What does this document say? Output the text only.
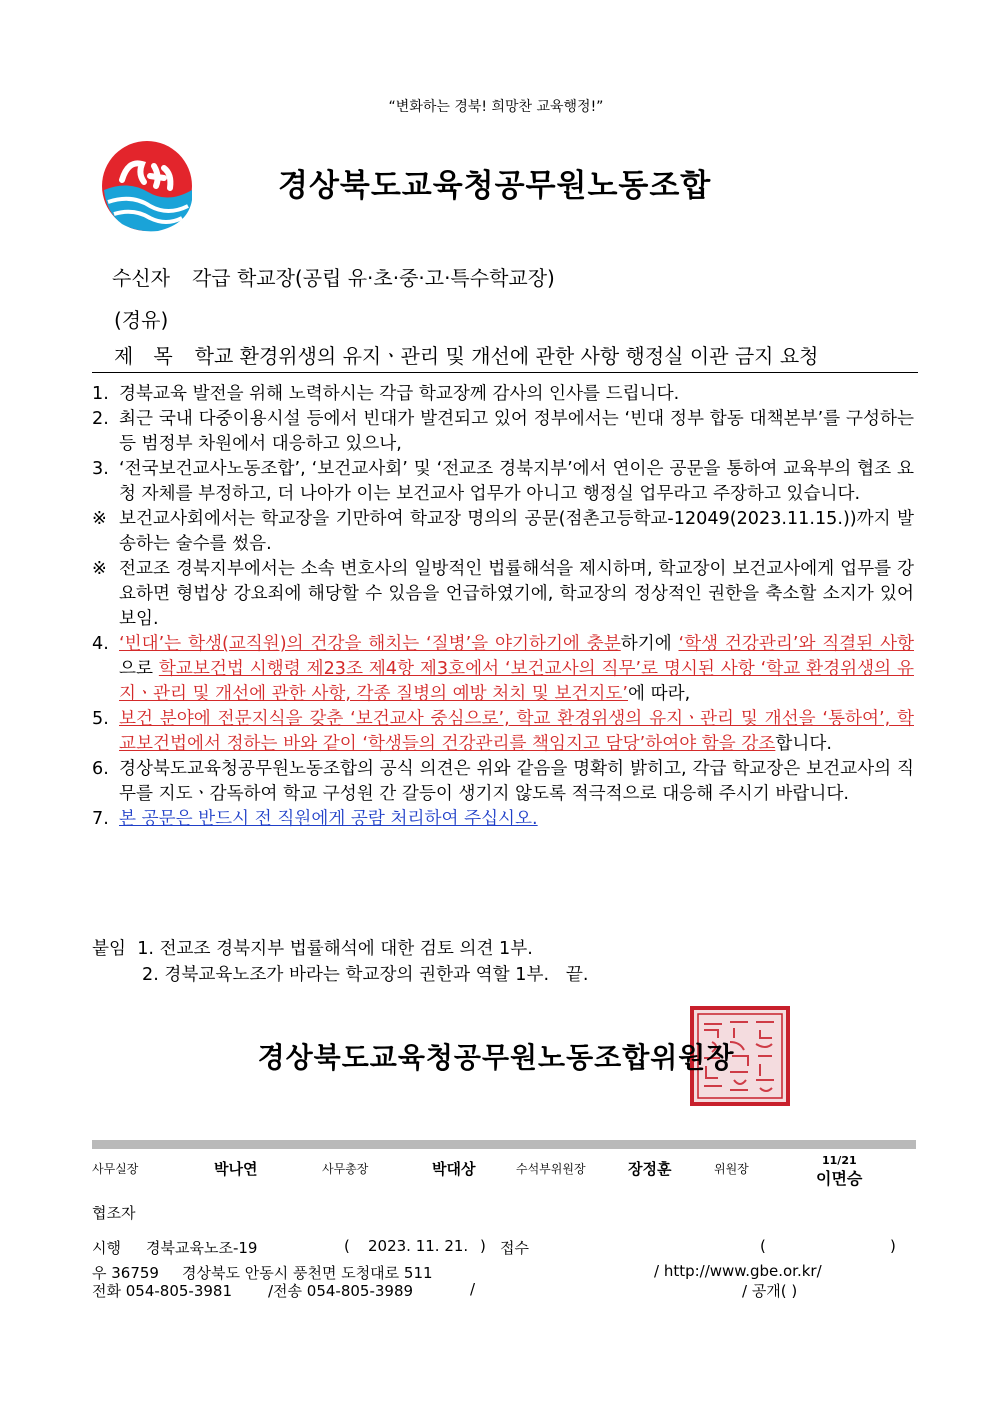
“변화하는 경북! 희망찬 교육행정!”
경상북도교육청공무원노동조합
수신자 각급 학교장(공립 유·초·중·고·특수학교장)
(경유)
제　목 학교 환경위생의 유지ㆍ관리 및 개선에 관한 사항 행정실 이관 금지 요청
1. 경북교육 발전을 위해 노력하시는 각급 학교장께 감사의 인사를 드립니다.
2. 최근 국내 다중이용시설 등에서 빈대가 발견되고 있어 정부에서는 ‘빈대 정부 합동 대책본부’를 구성하는 등 범정부 차원에서 대응하고 있으나,
3. ‘전국보건교사노동조합’, ‘보건교사회’ 및 ‘전교조 경북지부’에서 연이은 공문을 통하여 교육부의 협조 요청 자체를 부정하고, 더 나아가 이는 보건교사 업무가 아니고 행정실 업무라고 주장하고 있습니다.
※ 보건교사회에서는 학교장을 기만하여 학교장 명의의 공문(점촌고등학교-12049(2023.11.15.))까지 발송하는 술수를 썼음.
※ 전교조 경북지부에서는 소속 변호사의 일방적인 법률해석을 제시하며, 학교장이 보건교사에게 업무를 강요하면 형법상 강요죄에 해당할 수 있음을 언급하였기에, 학교장의 정상적인 권한을 축소할 소지가 있어 보임.
4. ‘빈대’는 학생(교직원)의 건강을 해치는 ‘질병’을 야기하기에 충분하기에 ‘학생 건강관리’와 직결된 사항으로 학교보건법 시행령 제23조 제4항 제3호에서 ‘보건교사의 직무’로 명시된 사항 ‘학교 환경위생의 유지ㆍ관리 및 개선에 관한 사항, 각종 질병의 예방 처치 및 보건지도’에 따라,
5. 보건 분야에 전문지식을 갖춘 ‘보건교사 중심으로’, 학교 환경위생의 유지ㆍ관리 및 개선을 ‘통하여’, 학교보건법에서 정하는 바와 같이 ‘학생들의 건강관리를 책임지고 담당’하여야 함을 강조합니다.
6. 경상북도교육청공무원노동조합의 공식 의견은 위와 같음을 명확히 밝히고, 각급 학교장은 보건교사의 직무를 지도ㆍ감독하여 학교 구성원 간 갈등이 생기지 않도록 적극적으로 대응해 주시기 바랍니다.
7. 본 공문은 반드시 전 직원에게 공람 처리하여 주십시오.
붙임 1. 전교조 경북지부 법률해석에 대한 검토 의견 1부.
2. 경북교육노조가 바라는 학교장의 권한과 역할 1부. 끝.
경상북도교육청공무원노동조합위원장
사무실장	박나연	사무총장	박대상	수석부위원장	장정훈	위원장
11/21
이면승
협조자
시행 경북교육노조-19	( 2023. 11. 21. ) 접수	(	)
우 36759 경상북도 안동시 풍천면 도청대로 511	/ http://www.gbe.or.kr/
전화 054-805-3981 /전송 054-805-3989	/	/ 공개( )
